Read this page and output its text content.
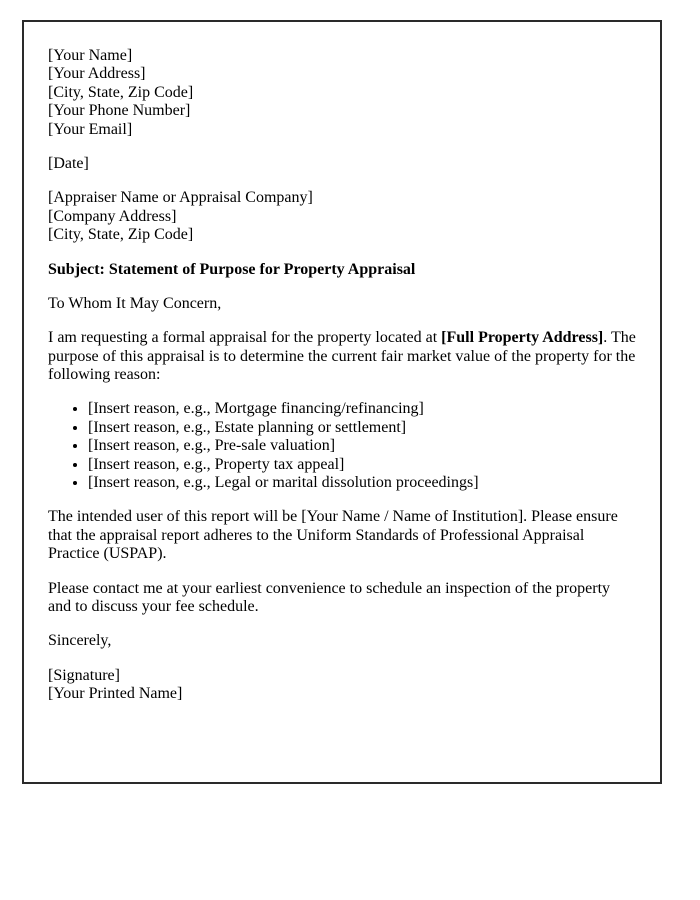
[Your Name]
[Your Address]
[City, State, Zip Code]
[Your Phone Number]
[Your Email]
[Date]
[Appraiser Name or Appraisal Company]
[Company Address]
[City, State, Zip Code]
Subject: Statement of Purpose for Property Appraisal
To Whom It May Concern,
I am requesting a formal appraisal for the property located at [Full Property Address]. The purpose of this appraisal is to determine the current fair market value of the property for the following reason:
• [Insert reason, e.g., Mortgage financing/refinancing]
• [Insert reason, e.g., Estate planning or settlement]
• [Insert reason, e.g., Pre-sale valuation]
• [Insert reason, e.g., Property tax appeal]
• [Insert reason, e.g., Legal or marital dissolution proceedings]
The intended user of this report will be [Your Name / Name of Institution]. Please ensure that the appraisal report adheres to the Uniform Standards of Professional Appraisal Practice (USPAP).
Please contact me at your earliest convenience to schedule an inspection of the property and to discuss your fee schedule.
Sincerely,
[Signature]
[Your Printed Name]
